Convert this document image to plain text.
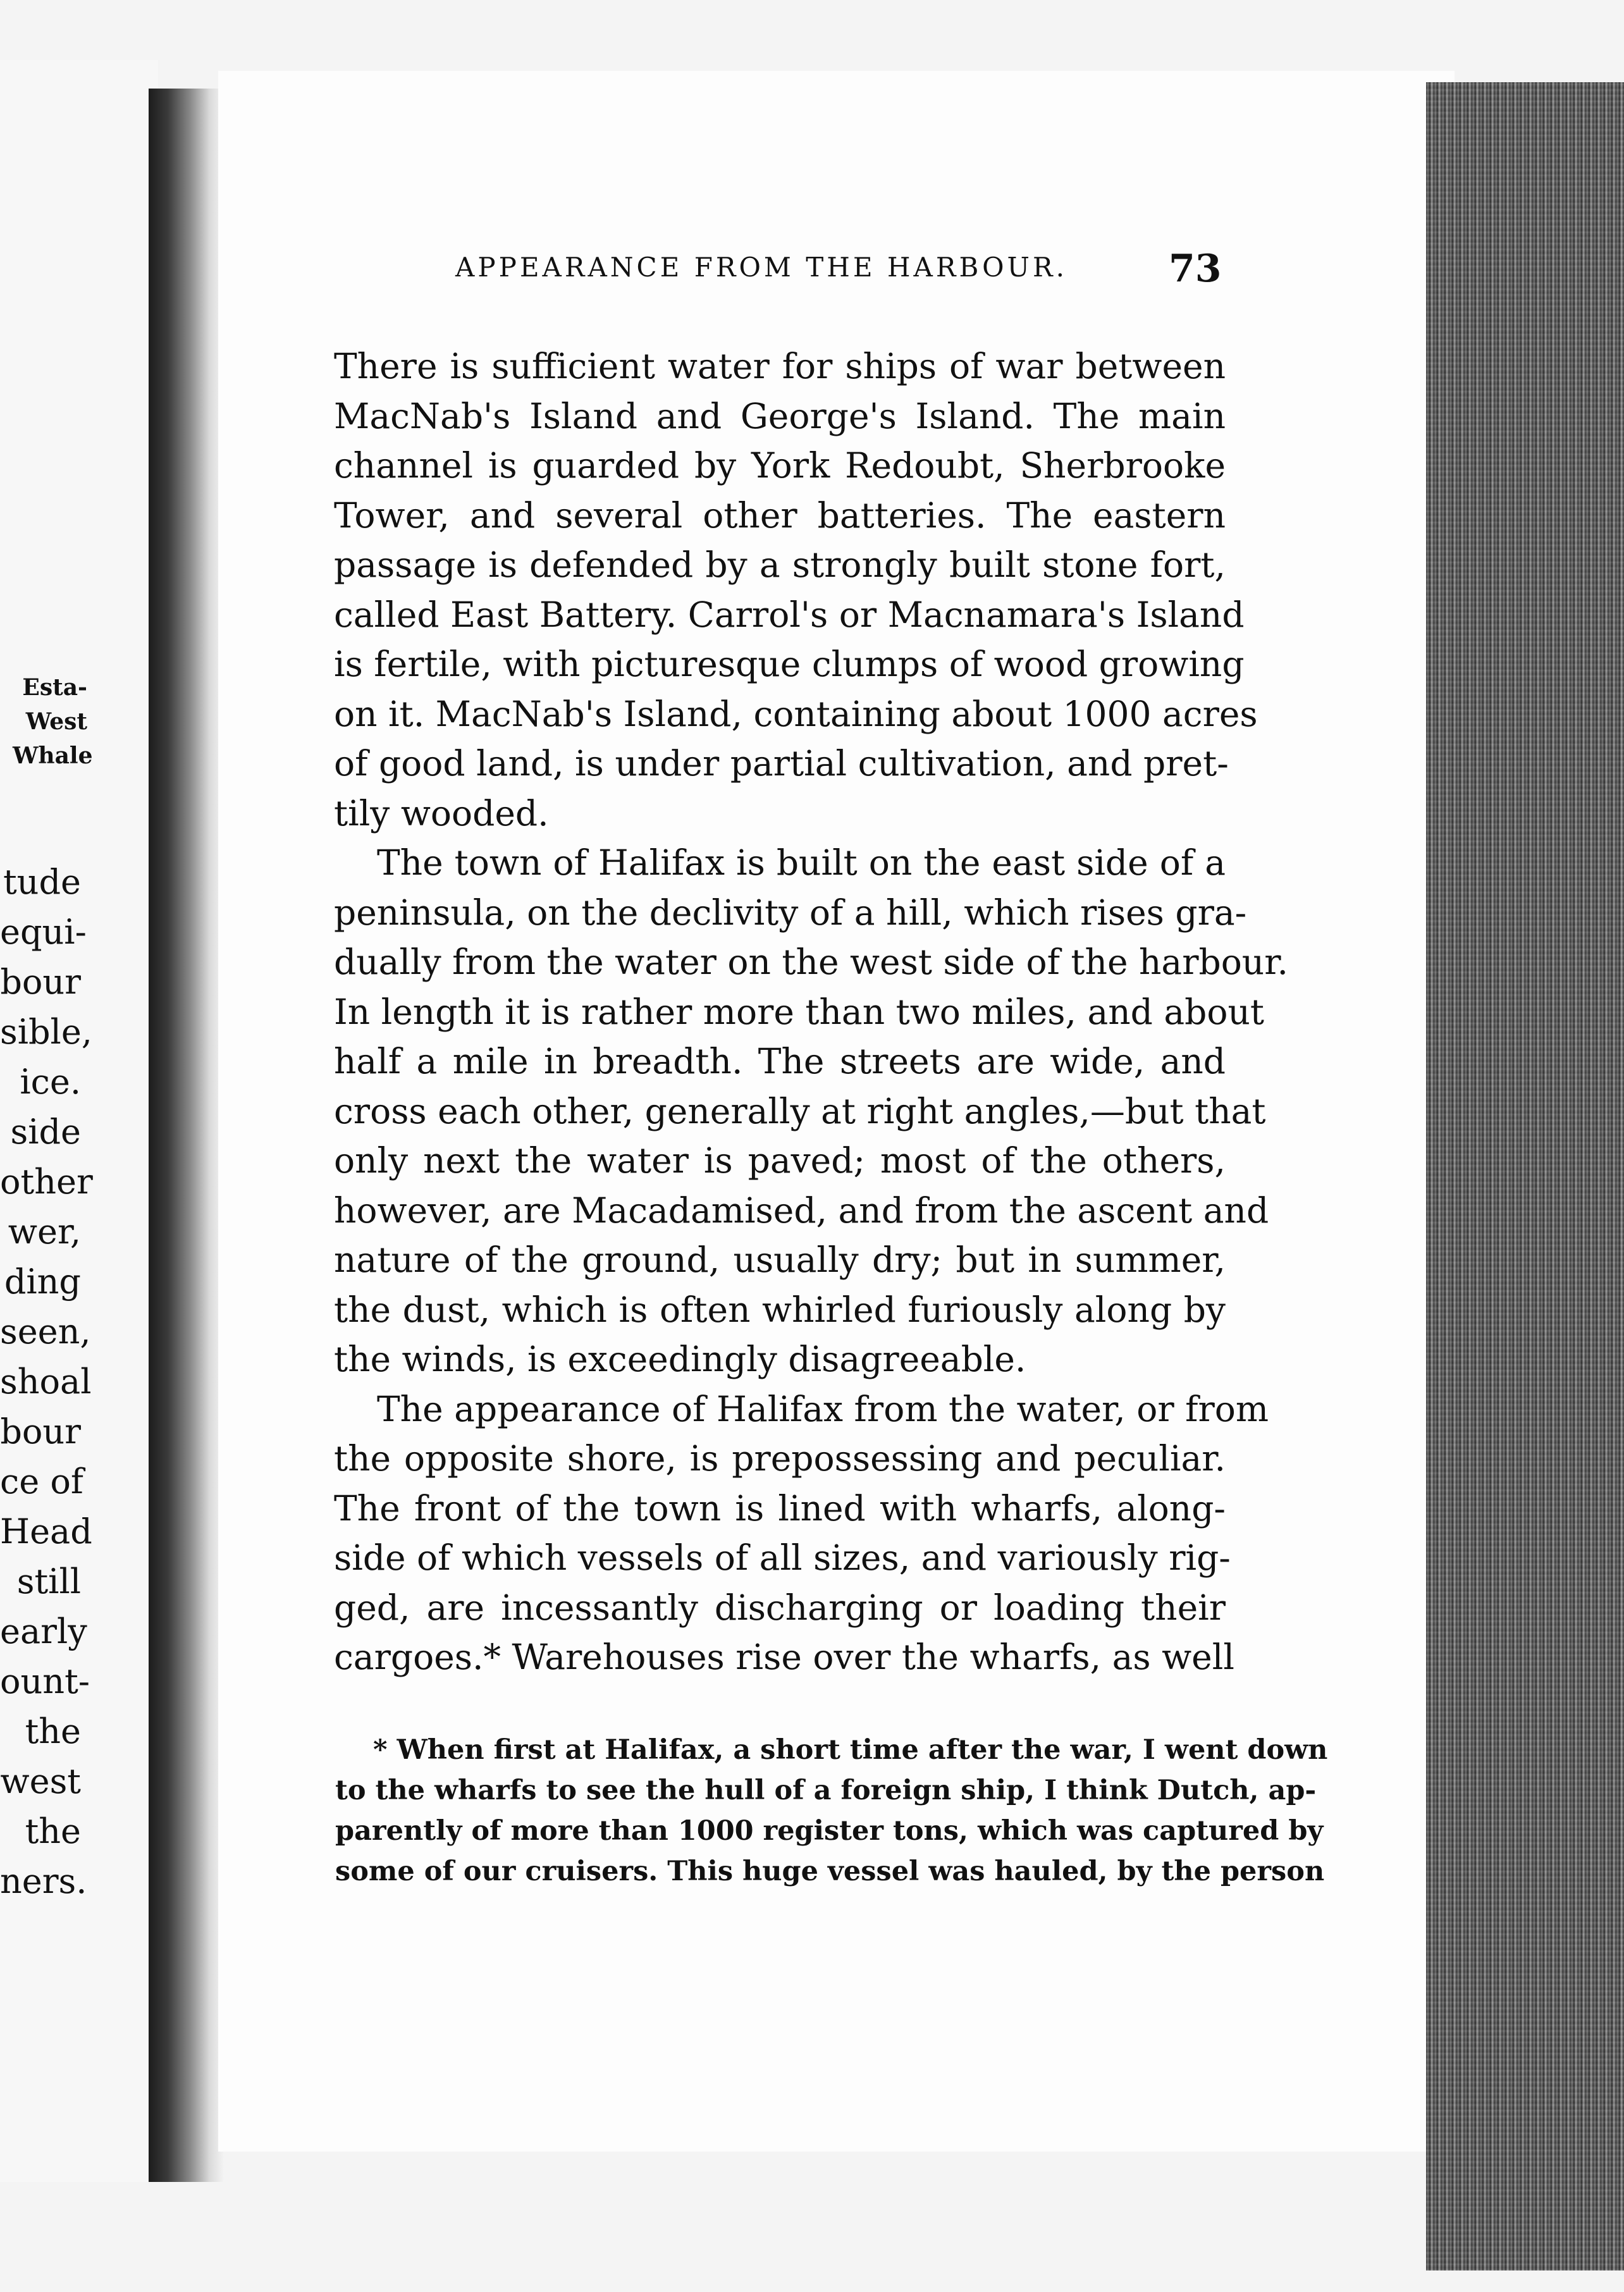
Esta-
West
Whale
tude
equi-
bour
sible,
ice.
side
other
wer,
ding
seen,
shoal
bour
ce of
Head
still
early
ount-
the
west
the
ners.
APPEARANCE FROM THE HARBOUR.	73
There is sufficient water for ships of war between
MacNab's Island and George's Island. The main
channel is guarded by York Redoubt, Sherbrooke
Tower, and several other batteries. The eastern
passage is defended by a strongly built stone fort,
called East Battery. Carrol's or Macnamara's Island
is fertile, with picturesque clumps of wood growing
on it. MacNab's Island, containing about 1000 acres
of good land, is under partial cultivation, and pret-
tily wooded.
The town of Halifax is built on the east side of a
peninsula, on the declivity of a hill, which rises gra-
dually from the water on the west side of the harbour.
In length it is rather more than two miles, and about
half a mile in breadth. The streets are wide, and
cross each other, generally at right angles,—but that
only next the water is paved; most of the others,
however, are Macadamised, and from the ascent and
nature of the ground, usually dry; but in summer,
the dust, which is often whirled furiously along by
the winds, is exceedingly disagreeable.
The appearance of Halifax from the water, or from
the opposite shore, is prepossessing and peculiar.
The front of the town is lined with wharfs, along-
side of which vessels of all sizes, and variously rig-
ged, are incessantly discharging or loading their
cargoes.* Warehouses rise over the wharfs, as well
* When first at Halifax, a short time after the war, I went down
to the wharfs to see the hull of a foreign ship, I think Dutch, ap-
parently of more than 1000 register tons, which was captured by
some of our cruisers. This huge vessel was hauled, by the person
